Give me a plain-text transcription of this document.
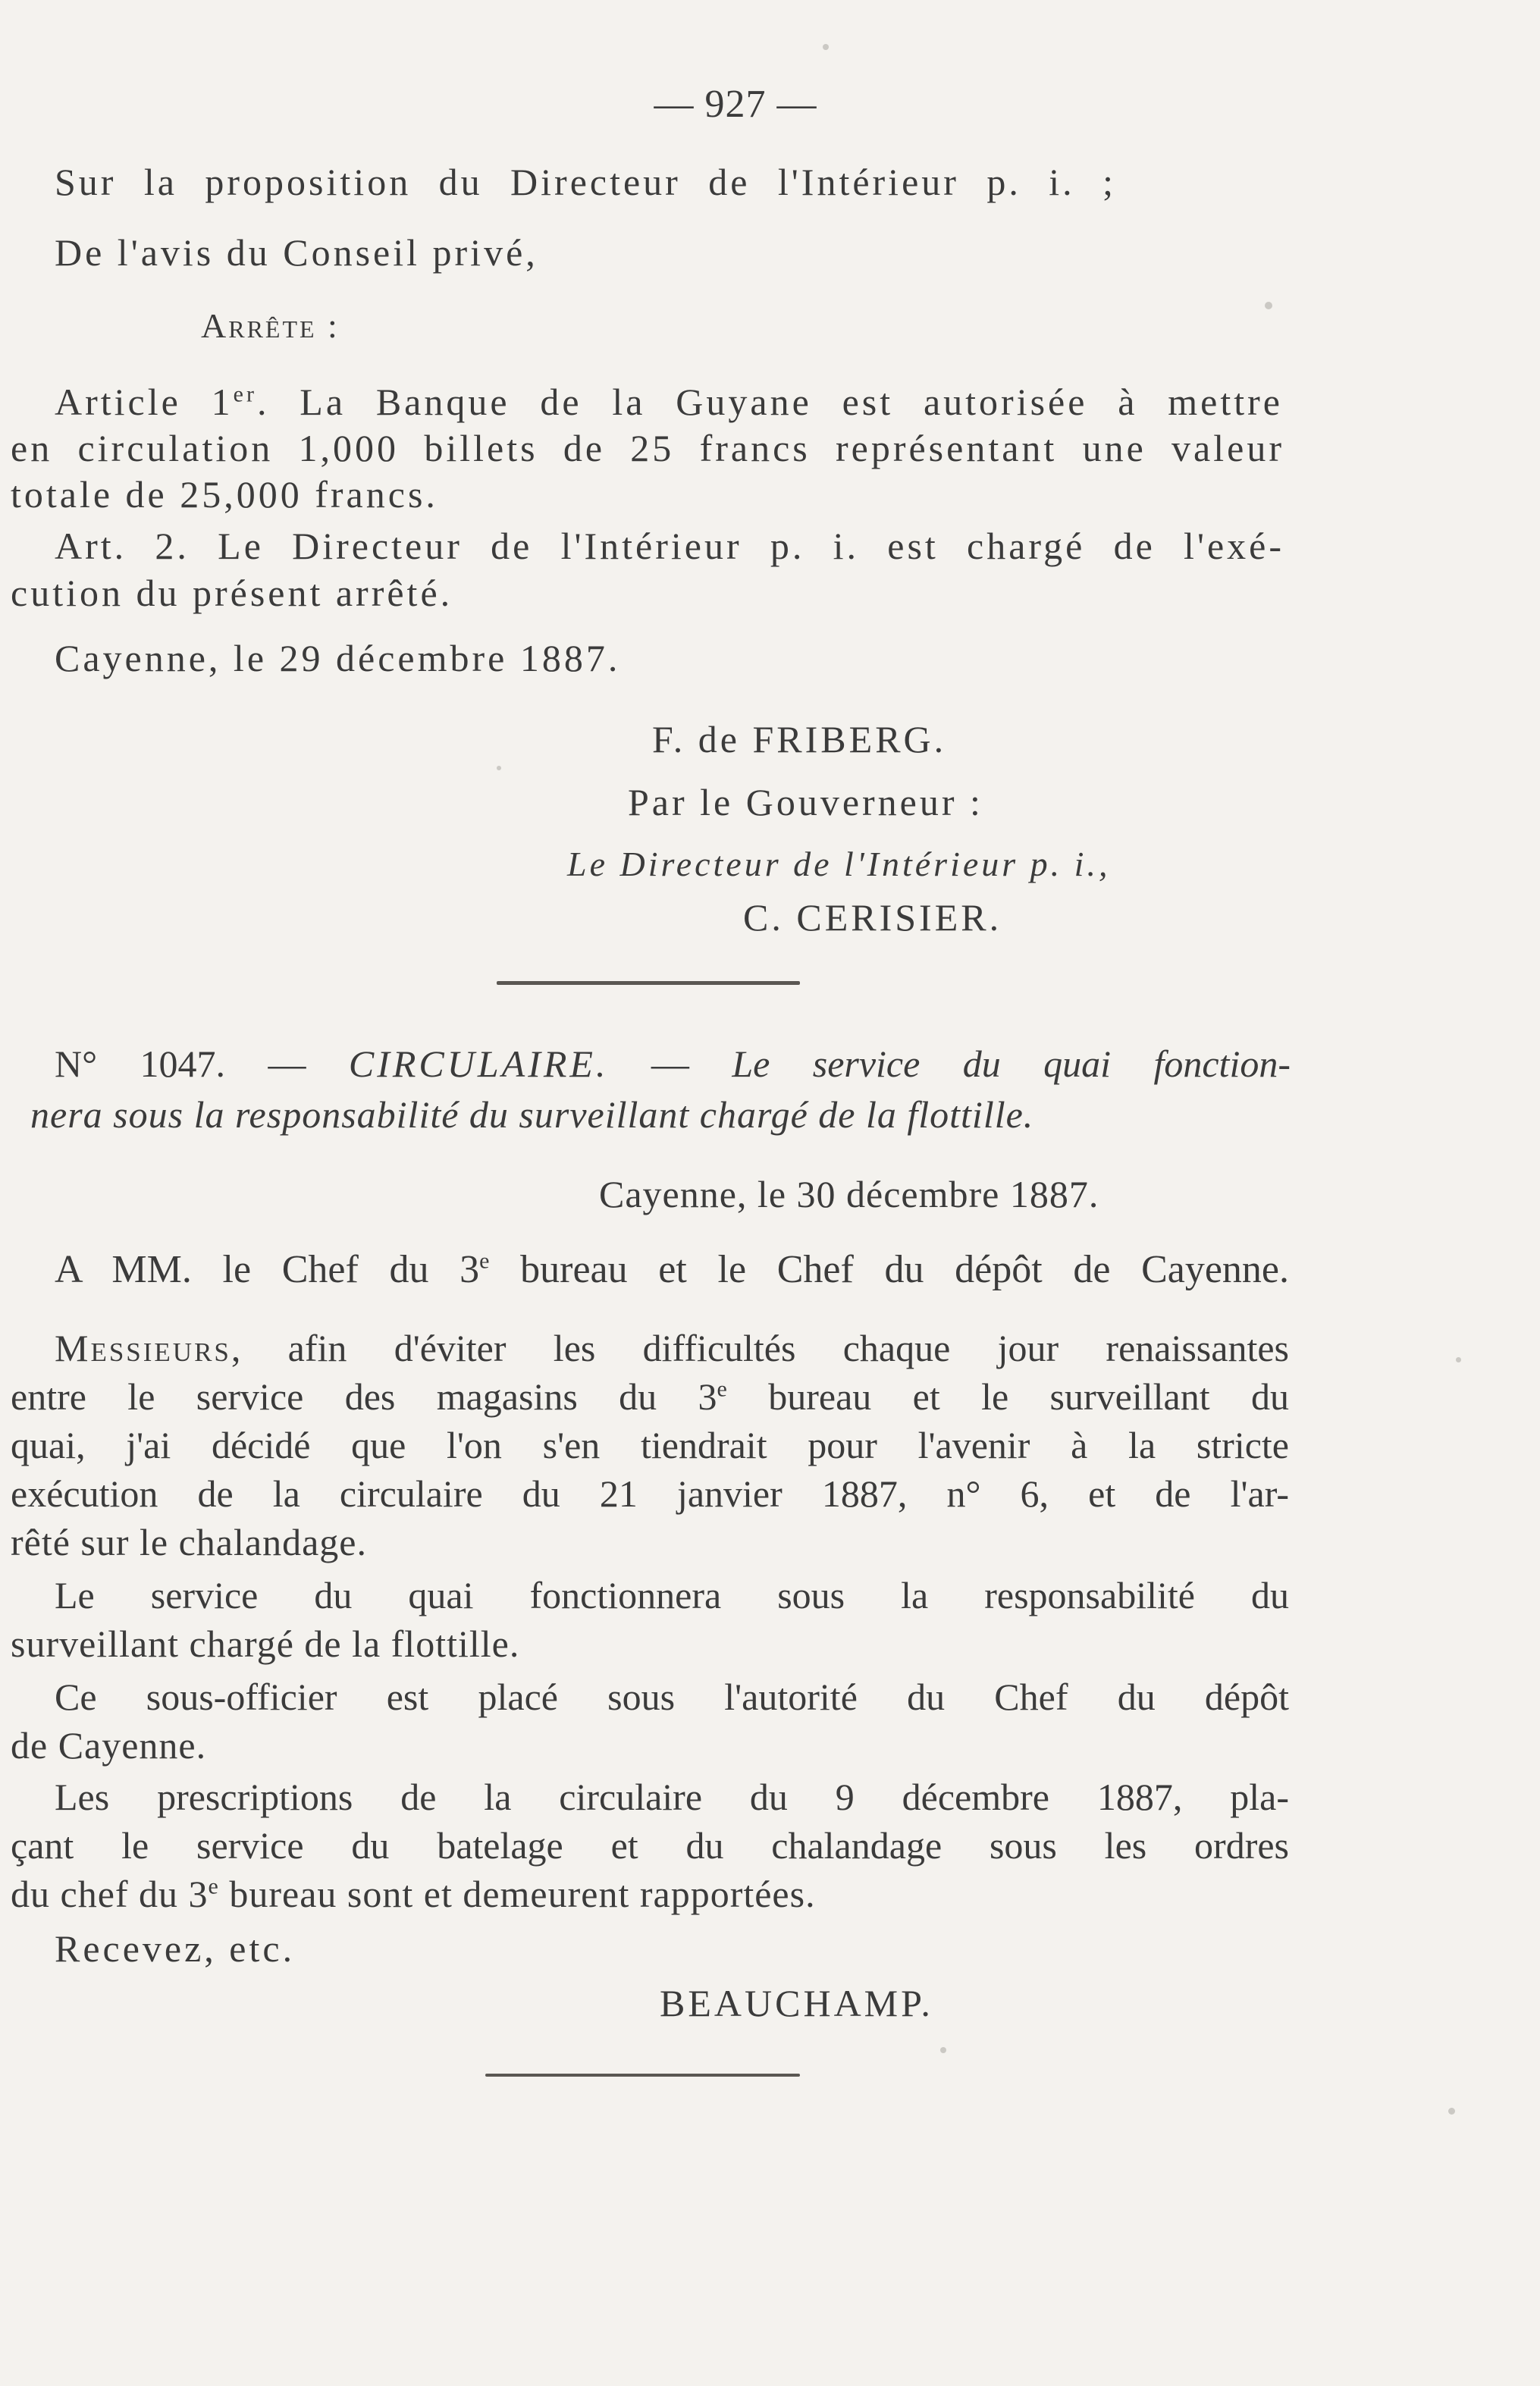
— 927 —
Sur la proposition du Directeur de l'Intérieur p. i. ;
De l'avis du Conseil privé,
Arrête :
Article 1er. La Banque de la Guyane est autorisée à mettre
en circulation 1,000 billets de 25 francs représentant une valeur
totale de 25,000 francs.
Art. 2. Le Directeur de l'Intérieur p. i. est chargé de l'exé-
cution du présent arrêté.
Cayenne, le 29 décembre 1887.
F. de FRIBERG.
Par le Gouverneur :
Le Directeur de l'Intérieur p. i.,
C. CERISIER.
N° 1047. — CIRCULAIRE. — Le service du quai fonction-
nera sous la responsabilité du surveillant chargé de la flottille.
Cayenne, le 30 décembre 1887.
A MM. le Chef du 3e bureau et le Chef du dépôt de Cayenne.
Messieurs, afin d'éviter les difficultés chaque jour renaissantes
entre le service des magasins du 3e bureau et le surveillant du
quai, j'ai décidé que l'on s'en tiendrait pour l'avenir à la stricte
exécution de la circulaire du 21 janvier 1887, n° 6, et de l'ar-
rêté sur le chalandage.
Le service du quai fonctionnera sous la responsabilité du
surveillant chargé de la flottille.
Ce sous-officier est placé sous l'autorité du Chef du dépôt
de Cayenne.
Les prescriptions de la circulaire du 9 décembre 1887, pla-
çant le service du batelage et du chalandage sous les ordres
du chef du 3e bureau sont et demeurent rapportées.
Recevez, etc.
BEAUCHAMP.
